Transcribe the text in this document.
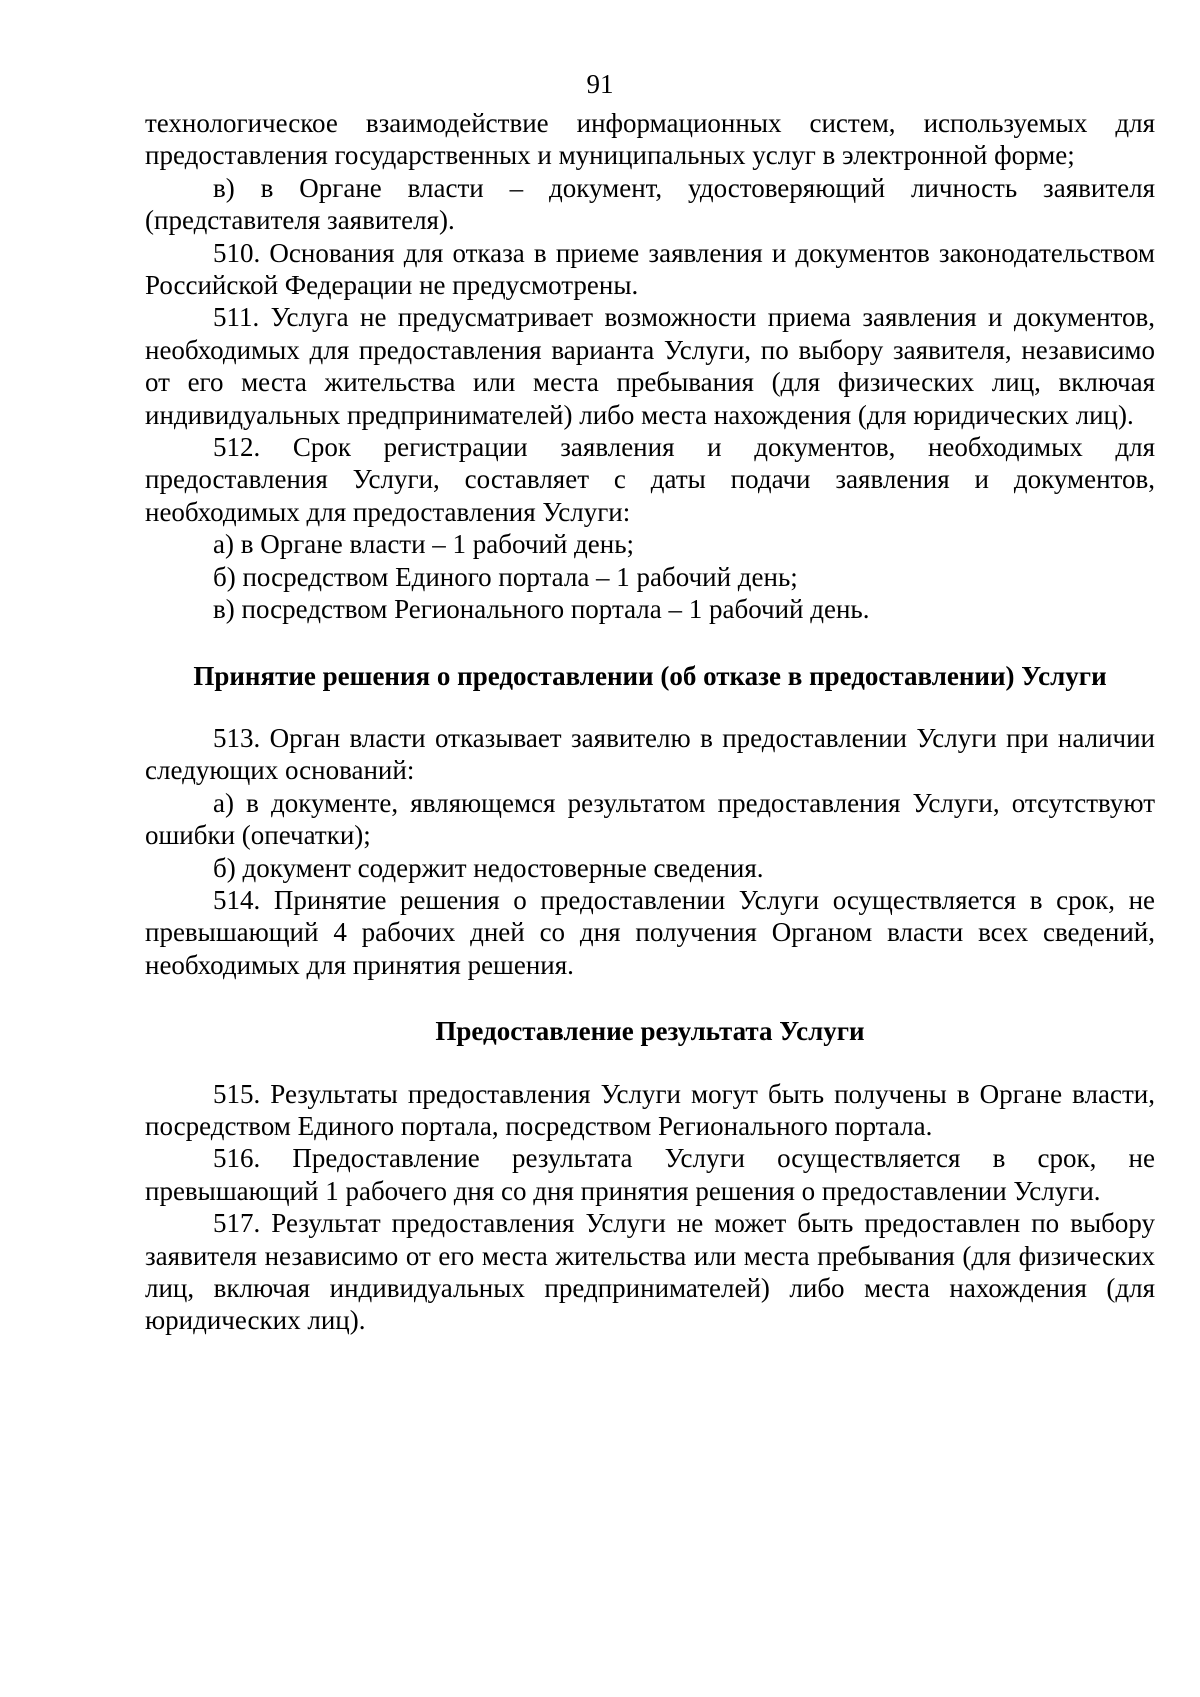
91

технологическое взаимодействие информационных систем, используемых для предоставления государственных и муниципальных услуг в электронной форме;

в) в Органе власти – документ, удостоверяющий личность заявителя (представителя заявителя).

510. Основания для отказа в приеме заявления и документов законодательством Российской Федерации не предусмотрены.

511. Услуга не предусматривает возможности приема заявления и документов, необходимых для предоставления варианта Услуги, по выбору заявителя, независимо от его места жительства или места пребывания (для физических лиц, включая индивидуальных предпринимателей) либо места нахождения (для юридических лиц).

512. Срок регистрации заявления и документов, необходимых для предоставления Услуги, составляет с даты подачи заявления и документов, необходимых для предоставления Услуги:

а) в Органе власти – 1 рабочий день;

б) посредством Единого портала – 1 рабочий день;

в) посредством Регионального портала – 1 рабочий день.

Принятие решения о предоставлении (об отказе в предоставлении) Услуги

513. Орган власти отказывает заявителю в предоставлении Услуги при наличии следующих оснований:

а) в документе, являющемся результатом предоставления Услуги, отсутствуют ошибки (опечатки);

б) документ содержит недостоверные сведения.

514. Принятие решения о предоставлении Услуги осуществляется в срок, не превышающий 4 рабочих дней со дня получения Органом власти всех сведений, необходимых для принятия решения.

Предоставление результата Услуги

515. Результаты предоставления Услуги могут быть получены в Органе власти, посредством Единого портала, посредством Регионального портала.

516. Предоставление результата Услуги осуществляется в срок, не превышающий 1 рабочего дня со дня принятия решения о предоставлении Услуги.

517. Результат предоставления Услуги не может быть предоставлен по выбору заявителя независимо от его места жительства или места пребывания (для физических лиц, включая индивидуальных предпринимателей) либо места нахождения (для юридических лиц).
